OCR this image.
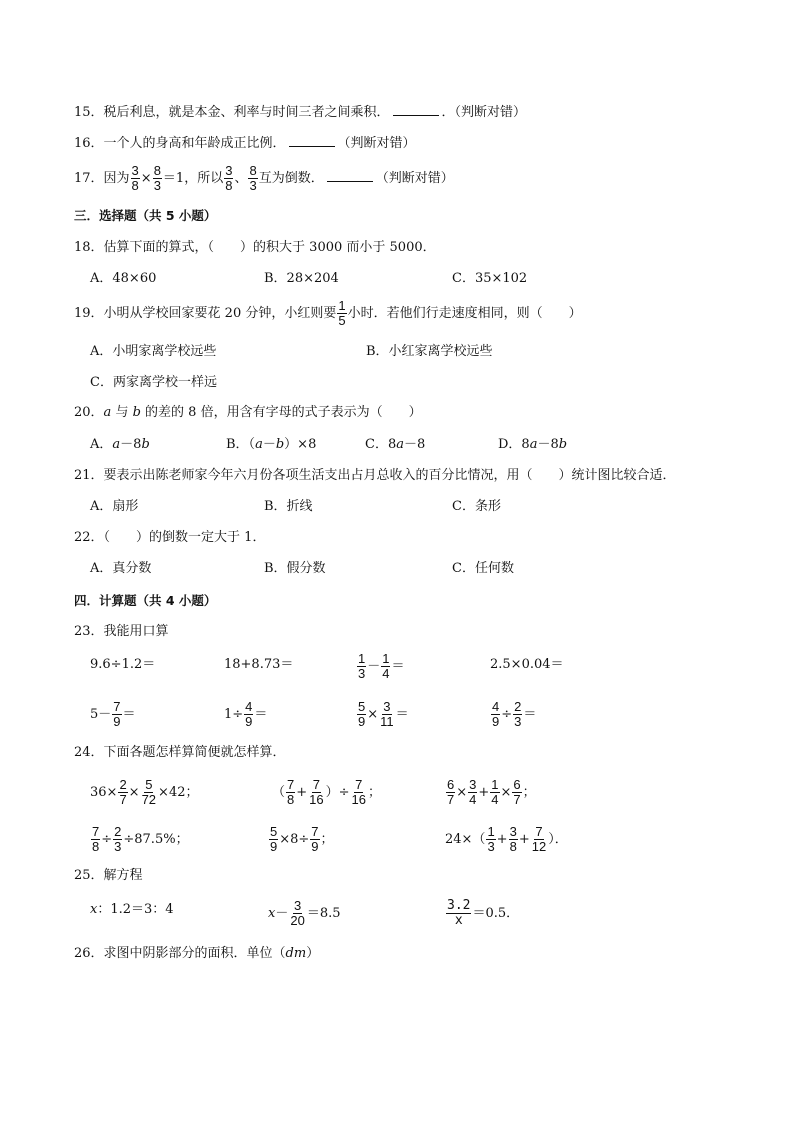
15．税后利息，就是本金、利率与时间三者之间乘积．	．（判断对错）
16．一个人的身高和年龄成正比例．	（判断对错）
17．因为 $\frac{3}{8} \times \frac{8}{3} =1$，所以 $\frac{3}{8}$ 、 $\frac{8}{3}$ 互为倒数．	（判断对错）
三．选择题（共 5 小题）
18．估算下面的算式，（　　）的积大于 3000 而小于 5000．
A．48×60	B．28×204	C．35×102
19．小明从学校回家要花 20 分钟，小红则要 $\frac{1}{5}$ 小时．若他们行走速度相同，则（　　）
A．小明家离学校远些	B．小红家离学校远些
C．两家离学校一样远
20．a 与 b 的差的 8 倍，用含有字母的式子表示为（　　）
A．a－8b	B．（a－b）×8	C．8a－8	D．8a－8b
21．要表示出陈老师家今年六月份各项生活支出占月总收入的百分比情况，用（　　）统计图比较合适．
A．扇形	B．折线	C．条形
22．（　　）的倒数一定大于 1．
A．真分数	B．假分数	C．任何数
四．计算题（共 4 小题）
23．我能用口算
9.6÷1.2＝	18+8.73＝	$\frac{1}{3} - \frac{1}{4}$ ＝	2.5×0.04＝
$5- \frac{7}{9}$ ＝	$1\div \frac{4}{9}$ ＝	$\frac{5}{9} \times \frac{3}{11}$ ＝	$\frac{4}{9} \div \frac{2}{3}$ ＝
24．下面各题怎样算简便就怎样算．
$36\times \frac{2}{7} \times \frac{5}{72} \times 42$；	（ $\frac{7}{8} + \frac{7}{16}$ ）÷ $\frac{7}{16}$ ；	$\frac{6}{7} \times \frac{3}{4} + \frac{1}{4} \times \frac{6}{7}$ ；
$\frac{7}{8} \div \frac{2}{3} \div 87.5\%$；	$\frac{5}{9} \times 8\div \frac{7}{9}$ ；	$24\times( \frac{1}{3} + \frac{3}{8} + \frac{7}{12}$ ）．
25．解方程
x：1.2＝3：4	$x- \frac{3}{20} =8.5$	$\frac{3.2}{x} =0.5$．
26．求图中阴影部分的面积．单位（dm）
